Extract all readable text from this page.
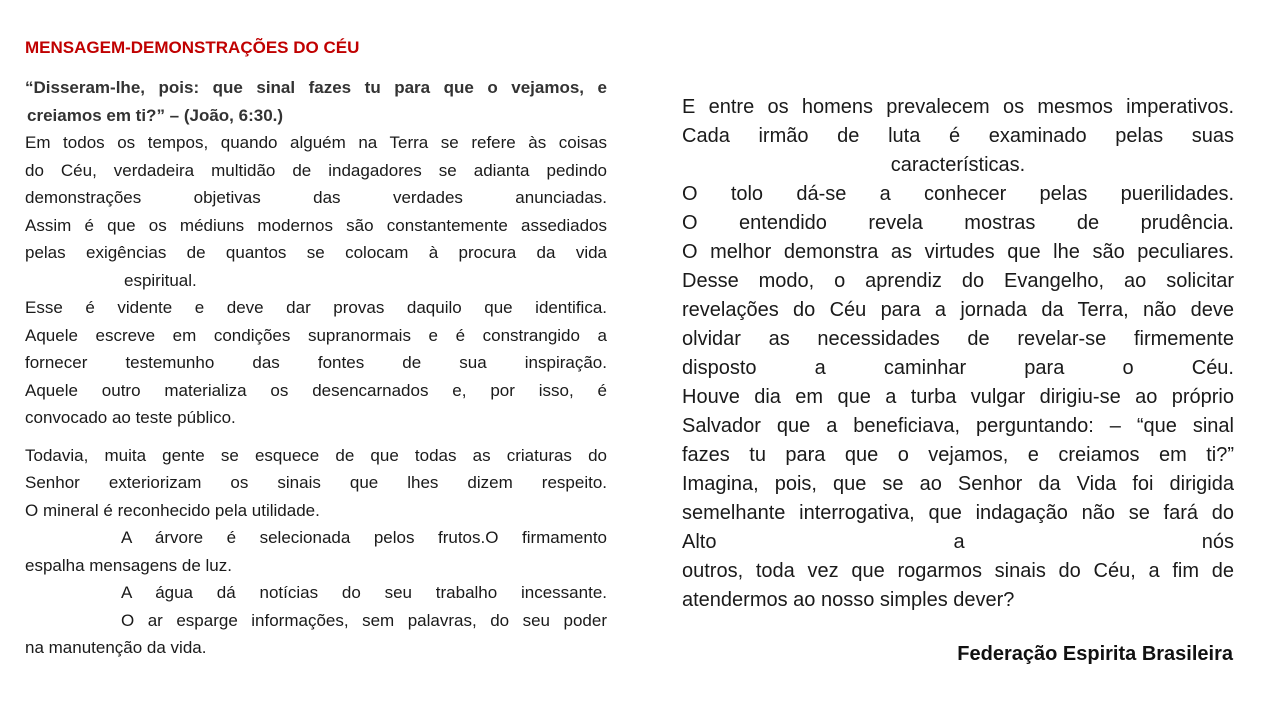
MENSAGEM-DEMONSTRAÇÕES DO CÉU

“Disseram-lhe, pois: que sinal fazes tu para que o vejamos, e

creiamos em ti?” – (João, 6:30.)

Em todos os tempos, quando alguém na Terra se refere às coisas

do Céu, verdadeira multidão de indagadores se adianta pedindo

demonstrações objetivas das verdades anunciadas.

Assim é que os médiuns modernos são constantemente assediados

pelas exigências de quantos se colocam à procura da vida

espiritual.

Esse é vidente e deve dar provas daquilo que identifica.

Aquele escreve em condições supranormais e é constrangido a

fornecer testemunho das fontes de sua inspiração.

Aquele outro materializa os desencarnados e, por isso, é

convocado ao teste público.

Todavia, muita gente se esquece de que todas as criaturas do

Senhor exteriorizam os sinais que lhes dizem respeito.

O mineral é reconhecido pela utilidade.

A árvore é selecionada pelos frutos.O firmamento

espalha mensagens de luz.

A água dá notícias do seu trabalho incessante.

O ar esparge informações, sem palavras, do seu poder

na manutenção da vida.

E entre os homens prevalecem os mesmos imperativos.

Cada irmão de luta é examinado pelas suas

características.

O tolo dá-se a conhecer pelas puerilidades.

O entendido revela mostras de prudência.

O melhor demonstra as virtudes que lhe são peculiares.

Desse modo, o aprendiz do Evangelho, ao solicitar

revelações do Céu para a jornada da Terra, não deve

olvidar as necessidades de revelar-se firmemente

disposto a caminhar para o Céu.

Houve dia em que a turba vulgar dirigiu-se ao próprio

Salvador que a beneficiava, perguntando: – “que sinal

fazes tu para que o vejamos, e creiamos em ti?”

Imagina, pois, que se ao Senhor da Vida foi dirigida

semelhante interrogativa, que indagação não se fará do

Alto a nós

outros, toda vez que rogarmos sinais do Céu, a fim de

atendermos ao nosso simples dever?

Federação Espirita Brasileira
